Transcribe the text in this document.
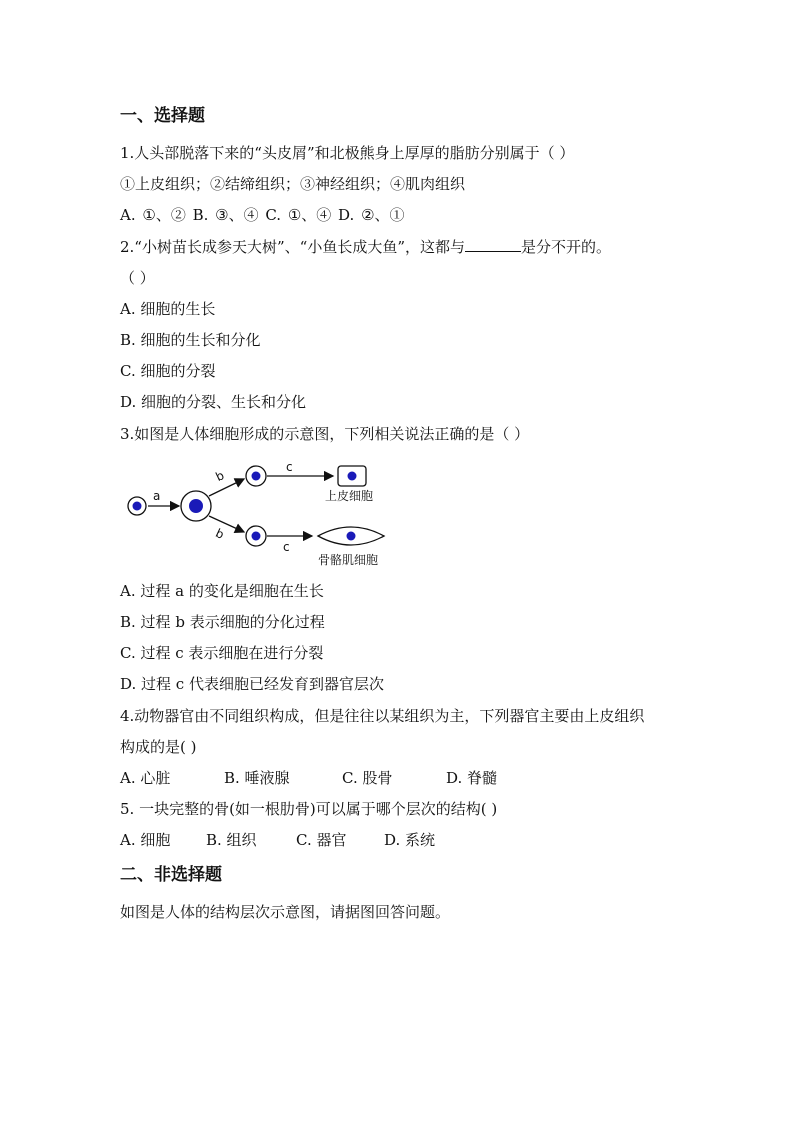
一、选择题
1.人头部脱落下来的“头皮屑”和北极熊身上厚厚的脂肪分别属于（ ）
①上皮组织；②结缔组织；③神经组织；④肌肉组织
A. ①、② B. ③、④ C. ①、④ D. ②、①
2.“小树苗长成参天大树”、“小鱼长成大鱼”，这都与	是分不开的。
（ ）
A. 细胞的生长
B. 细胞的生长和分化
C. 细胞的分裂
D. 细胞的分裂、生长和分化
3.如图是人体细胞形成的示意图，下列相关说法正确的是（ ）
a
b
b
c
上皮细胞
c
骨骼肌细胞
A. 过程 a 的变化是细胞在生长
B. 过程 b 表示细胞的分化过程
C. 过程 c 表示细胞在进行分裂
D. 过程 c 代表细胞已经发育到器官层次
4.动物器官由不同组织构成，但是往往以某组织为主，下列器官主要由上皮组织
构成的是( )
A. 心脏	B. 唾液腺	C. 股骨	D. 脊髓
5. 一块完整的骨(如一根肋骨)可以属于哪个层次的结构( )
A. 细胞 B. 组织	C. 器官	D. 系统
二、非选择题
如图是人体的结构层次示意图，请据图回答问题。
